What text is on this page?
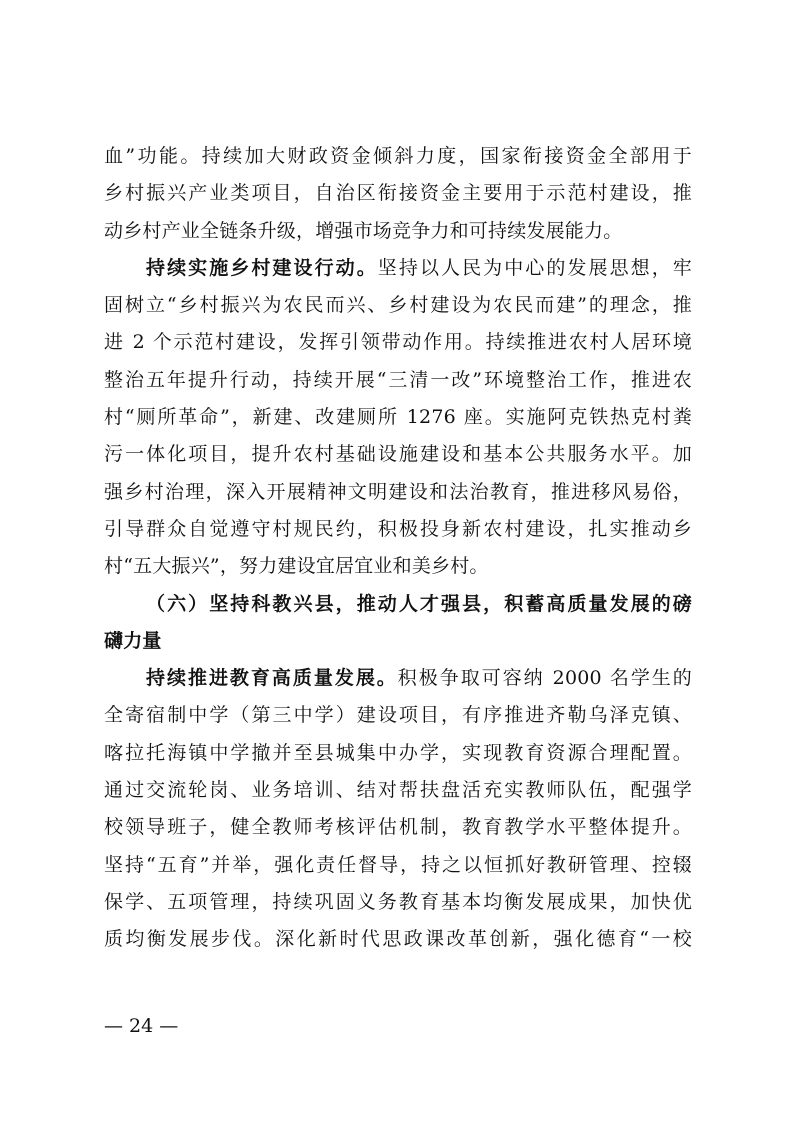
血”功能。持续加大财政资金倾斜力度，国家衔接资金全部用于
乡村振兴产业类项目，自治区衔接资金主要用于示范村建设，推
动乡村产业全链条升级，增强市场竞争力和可持续发展能力。
持续实施乡村建设行动。坚持以人民为中心的发展思想，牢
固树立“乡村振兴为农民而兴、乡村建设为农民而建”的理念，推
进 2 个示范村建设，发挥引领带动作用。持续推进农村人居环境
整治五年提升行动，持续开展“三清一改”环境整治工作，推进农
村“厕所革命”，新建、改建厕所 1276 座。实施阿克铁热克村粪
污一体化项目，提升农村基础设施建设和基本公共服务水平。加
强乡村治理，深入开展精神文明建设和法治教育，推进移风易俗，
引导群众自觉遵守村规民约，积极投身新农村建设，扎实推动乡
村“五大振兴”，努力建设宜居宜业和美乡村。
（六）坚持科教兴县，推动人才强县，积蓄高质量发展的磅
礴力量
持续推进教育高质量发展。积极争取可容纳 2000 名学生的
全寄宿制中学（第三中学）建设项目，有序推进齐勒乌泽克镇、
喀拉托海镇中学撤并至县城集中办学，实现教育资源合理配置。
通过交流轮岗、业务培训、结对帮扶盘活充实教师队伍，配强学
校领导班子，健全教师考核评估机制，教育教学水平整体提升。
坚持“五育”并举，强化责任督导，持之以恒抓好教研管理、控辍
保学、五项管理，持续巩固义务教育基本均衡发展成果，加快优
质均衡发展步伐。深化新时代思政课改革创新，强化德育“一校
— 24 —
